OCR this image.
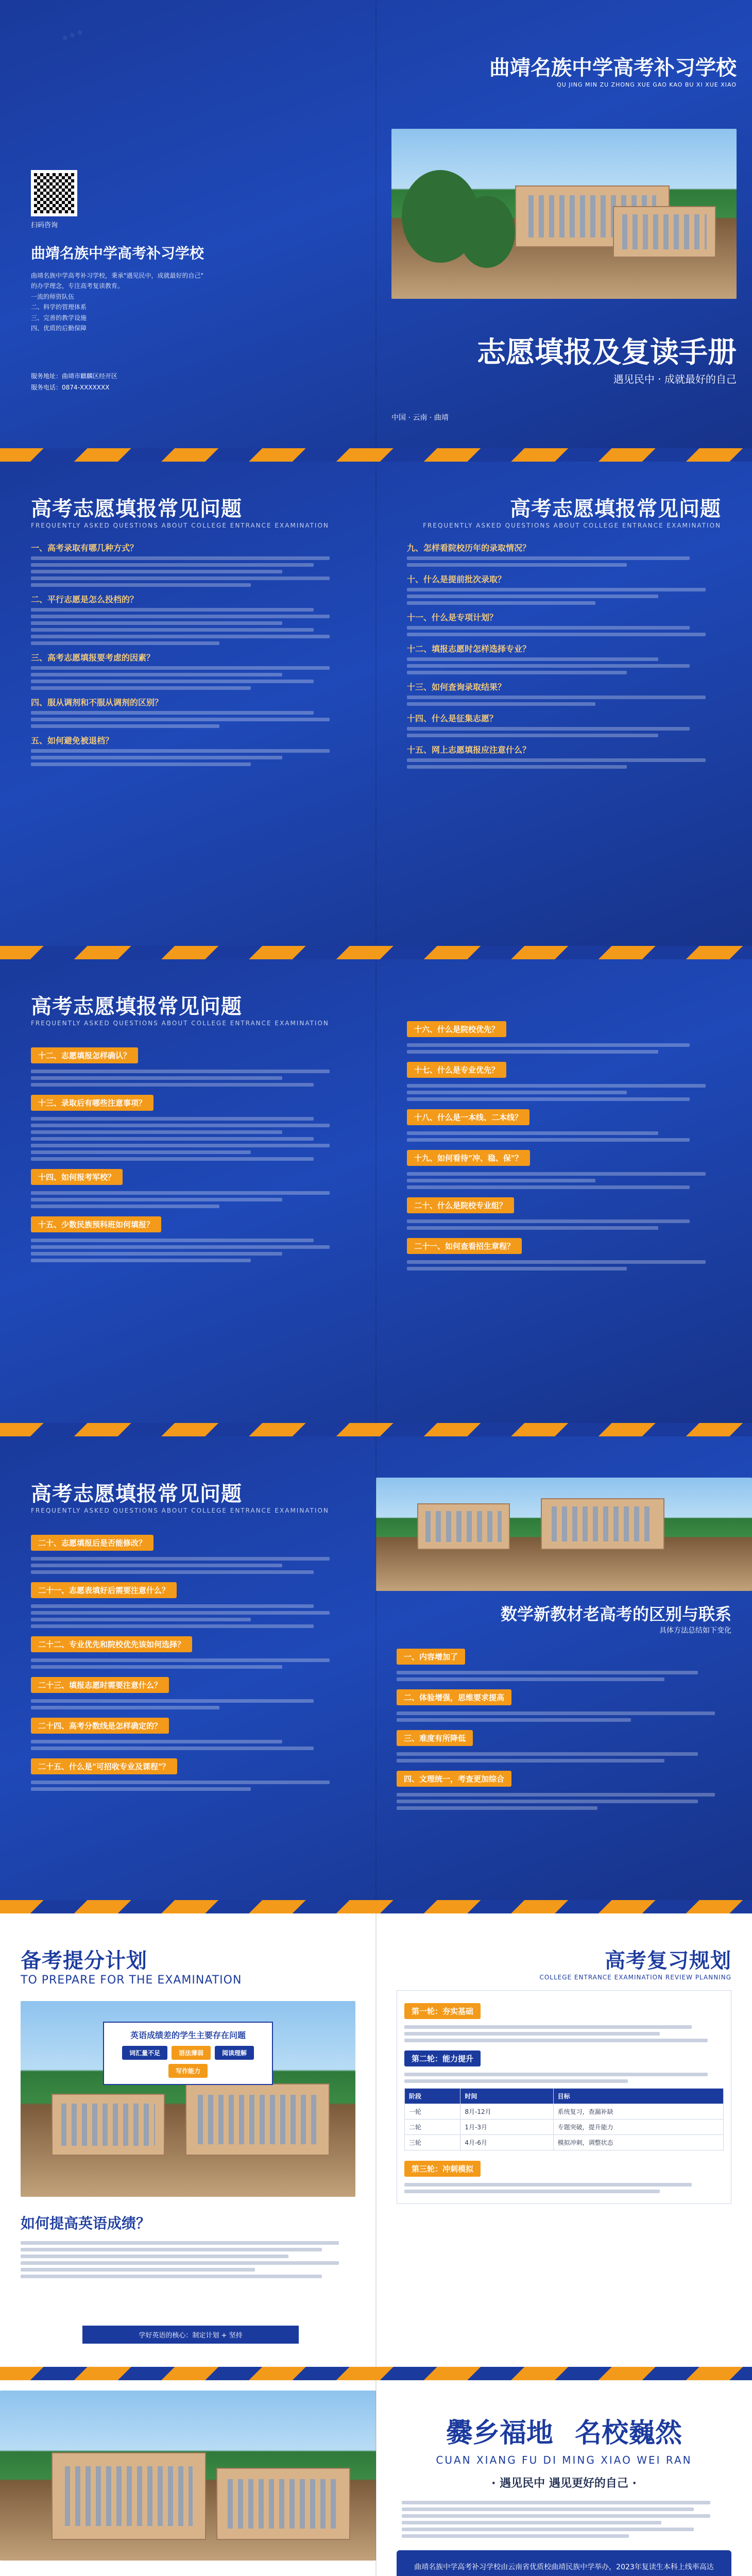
◆ ◆ ◆
扫码咨询
曲靖名族中学高考补习学校
曲靖名族中学高考补习学校，秉承"遇见民中，成就最好的自己"
的办学理念，专注高考复读教育。
一流的师资队伍
二、科学的管理体系
三、完善的教学设施
四、优质的后勤保障
服务地址：曲靖市麒麟区经开区
服务电话：0874-XXXXXXX
曲靖名族中学高考补习学校
QU JING MIN ZU ZHONG XUE GAO KAO BU XI XUE XIAO
志愿填报及复读手册
遇见民中 · 成就最好的自己
中国 · 云南 · 曲靖
高考志愿填报常见问题
FREQUENTLY ASKED QUESTIONS ABOUT COLLEGE ENTRANCE EXAMINATION
一、高考录取有哪几种方式？
二、平行志愿是怎么投档的？
三、高考志愿填报要考虑的因素？
四、服从调剂和不服从调剂的区别？
五、如何避免被退档？
高考志愿填报常见问题
FREQUENTLY ASKED QUESTIONS ABOUT COLLEGE ENTRANCE EXAMINATION
九、怎样看院校历年的录取情况？
十、什么是提前批次录取？
十一、什么是专项计划？
十二、填报志愿时怎样选择专业？
十三、如何查询录取结果？
十四、什么是征集志愿？
十五、网上志愿填报应注意什么？
高考志愿填报常见问题
FREQUENTLY ASKED QUESTIONS ABOUT COLLEGE ENTRANCE EXAMINATION
十二、志愿填报怎样确认？
十三、录取后有哪些注意事项？
十四、如何报考军校？
十五、少数民族预科班如何填报？
十六、什么是院校优先？
十七、什么是专业优先？
十八、什么是一本线、二本线？
十九、如何看待"冲、稳、保"？
二十、什么是院校专业组？
二十一、如何查看招生章程？
高考志愿填报常见问题
FREQUENTLY ASKED QUESTIONS ABOUT COLLEGE ENTRANCE EXAMINATION
二十、志愿填报后是否能修改？
二十一、志愿表填好后需要注意什么？
二十二、专业优先和院校优先该如何选择？
二十三、填报志愿时需要注意什么？
二十四、高考分数线是怎样确定的？
二十五、什么是"可招收专业及课程"？
数学新教材老高考的区别与联系
具体方法总结如下变化
一、内容增加了
二、体验增强，思维要求提高
三、难度有所降低
四、文理统一，考查更加综合
备考提分计划
TO PREPARE FOR THE EXAMINATION
英语成绩差的学生主要存在问题
词汇量不足	语法薄弱	阅读理解
写作能力
如何提高英语成绩？
学好英语的核心：制定计划 + 坚持
高考复习规划
COLLEGE ENTRANCE EXAMINATION REVIEW PLANNING
第一轮：夯实基础
第二轮：能力提升
阶段	时间	目标
一轮	8月-12月	系统复习，查漏补缺
二轮	1月-3月	专题突破，提升能力
三轮	4月-6月	模拟冲刺，调整状态
第三轮：冲刺模拟
爨乡福地 名校巍然
CUAN XIANG FU DI MING XIAO WEI RAN
· 遇见民中 遇见更好的自己 ·
曲靖名族中学高考补习学校由云南省优质校曲靖民族中学举办，2023年复读生本科上线率高达
